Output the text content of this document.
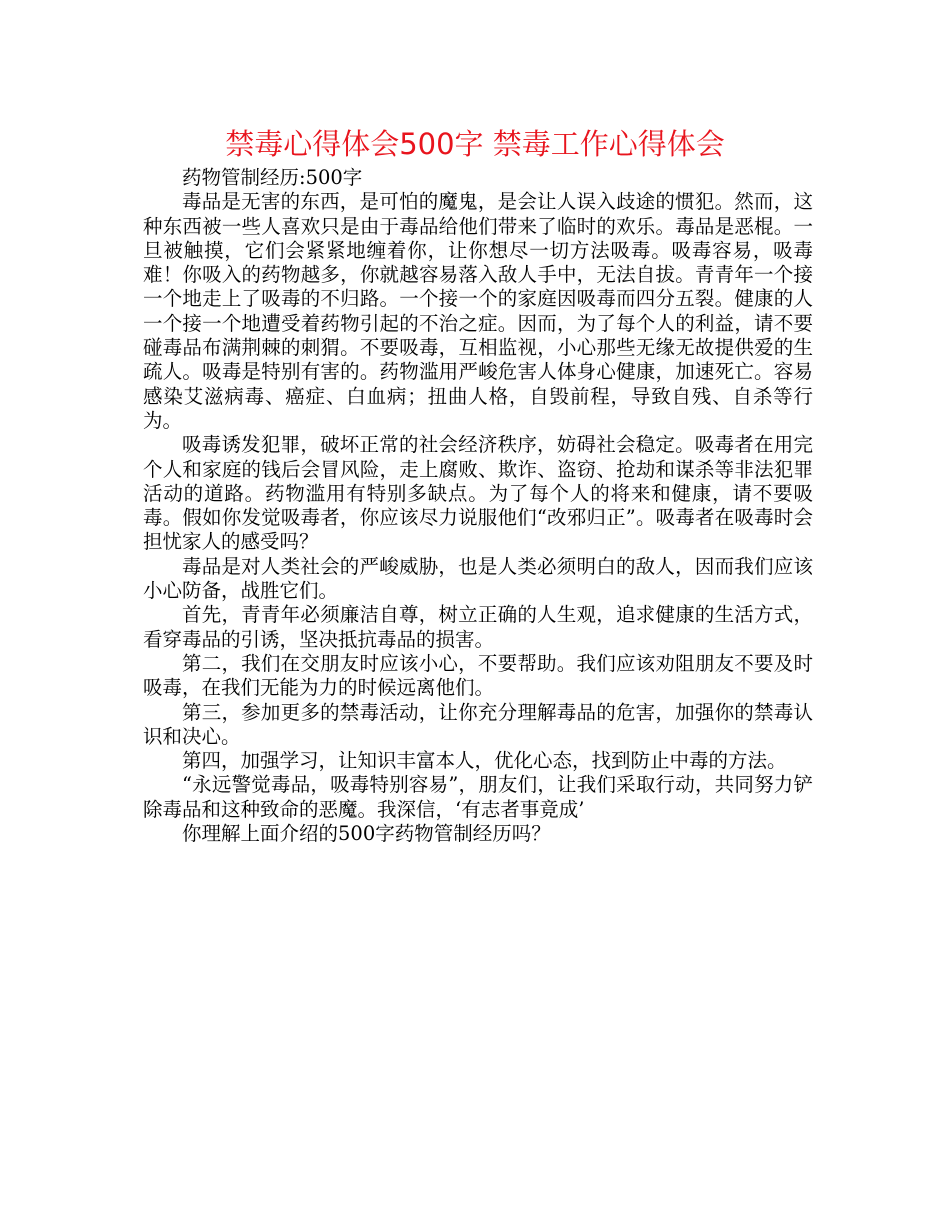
禁毒心得体会500字 禁毒工作心得体会

药物管制经历:500字

毒品是无害的东西，是可怕的魔鬼，是会让人误入歧途的惯犯。然而，这种东西被一些人喜欢只是由于毒品给他们带来了临时的欢乐。毒品是恶棍。一旦被触摸，它们会紧紧地缠着你，让你想尽一切方法吸毒。吸毒容易，吸毒难！你吸入的药物越多，你就越容易落入敌人手中，无法自拔。青青年一个接一个地走上了吸毒的不归路。一个接一个的家庭因吸毒而四分五裂。健康的人一个接一个地遭受着药物引起的不治之症。因而，为了每个人的利益，请不要碰毒品布满荆棘的刺猬。不要吸毒，互相监视，小心那些无缘无故提供爱的生疏人。吸毒是特别有害的。药物滥用严峻危害人体身心健康，加速死亡。容易感染艾滋病毒、癌症、白血病；扭曲人格，自毁前程，导致自残、自杀等行为。

吸毒诱发犯罪，破坏正常的社会经济秩序，妨碍社会稳定。吸毒者在用完个人和家庭的钱后会冒风险，走上腐败、欺诈、盗窃、抢劫和谋杀等非法犯罪活动的道路。药物滥用有特别多缺点。为了每个人的将来和健康，请不要吸毒。假如你发觉吸毒者，你应该尽力说服他们“改邪归正”。吸毒者在吸毒时会担忧家人的感受吗？

毒品是对人类社会的严峻威胁，也是人类必须明白的敌人，因而我们应该小心防备，战胜它们。

首先，青青年必须廉洁自尊，树立正确的人生观，追求健康的生活方式，看穿毒品的引诱，坚决抵抗毒品的损害。

第二，我们在交朋友时应该小心，不要帮助。我们应该劝阻朋友不要及时吸毒，在我们无能为力的时候远离他们。

第三，参加更多的禁毒活动，让你充分理解毒品的危害，加强你的禁毒认识和决心。

第四，加强学习，让知识丰富本人，优化心态，找到防止中毒的方法。

“永远警觉毒品，吸毒特别容易”，朋友们，让我们采取行动，共同努力铲除毒品和这种致命的恶魔。我深信，‘有志者事竟成’

你理解上面介绍的500字药物管制经历吗？
